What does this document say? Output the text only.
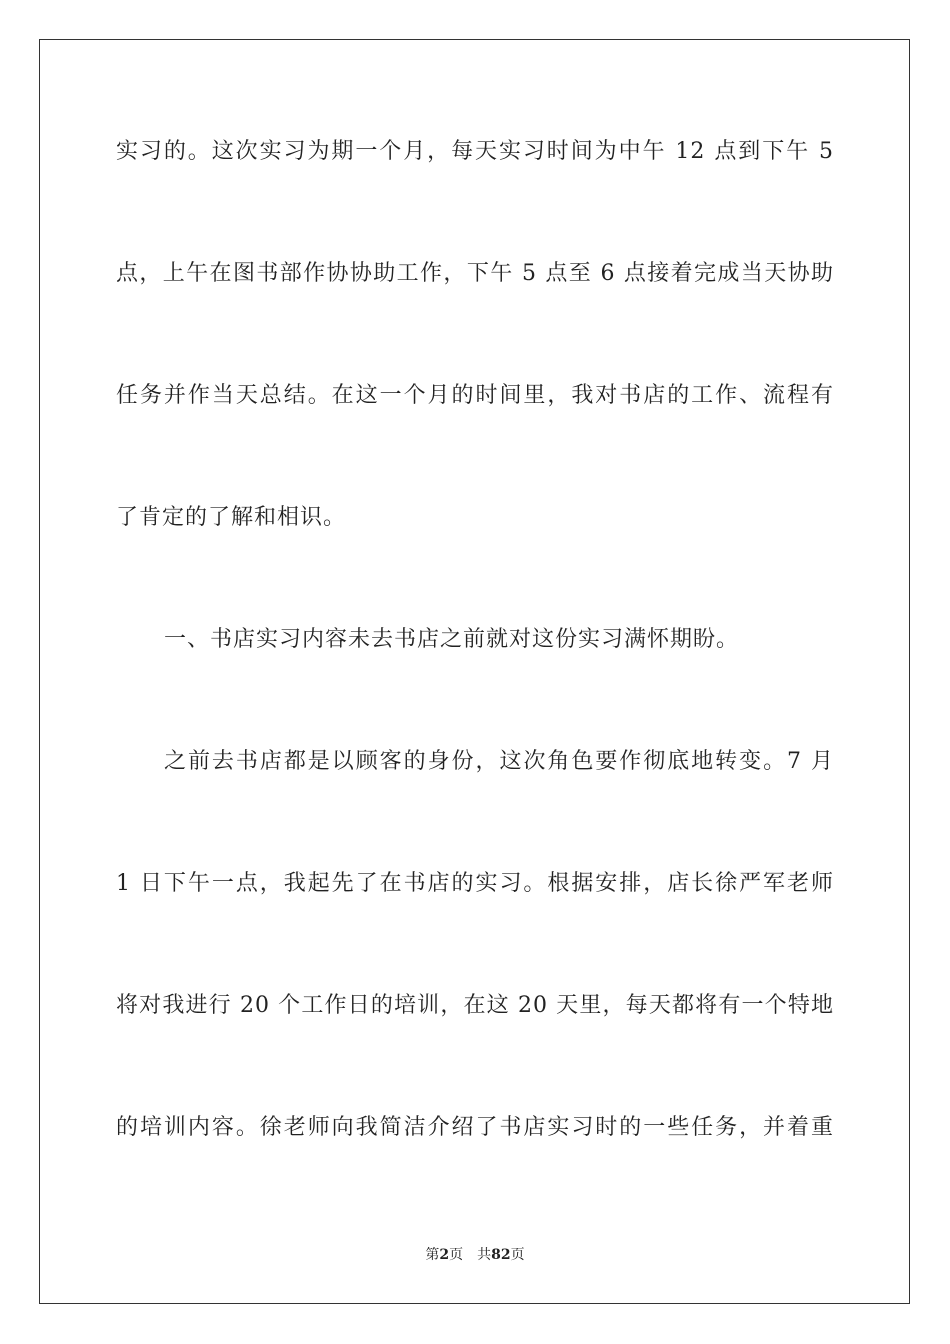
实习的。这次实习为期一个月，每天实习时间为中午 12 点到下午 5
点，上午在图书部作协协助工作，下午 5 点至 6 点接着完成当天协助
任务并作当天总结。在这一个月的时间里，我对书店的工作、流程有
了肯定的了解和相识。
一、书店实习内容未去书店之前就对这份实习满怀期盼。
之前去书店都是以顾客的身份，这次角色要作彻底地转变。7 月
1 日下午一点，我起先了在书店的实习。根据安排，店长徐严军老师
将对我进行 20 个工作日的培训，在这 20 天里，每天都将有一个特地
的培训内容。徐老师向我简洁介绍了书店实习时的一些任务，并着重
第2页 共82页
